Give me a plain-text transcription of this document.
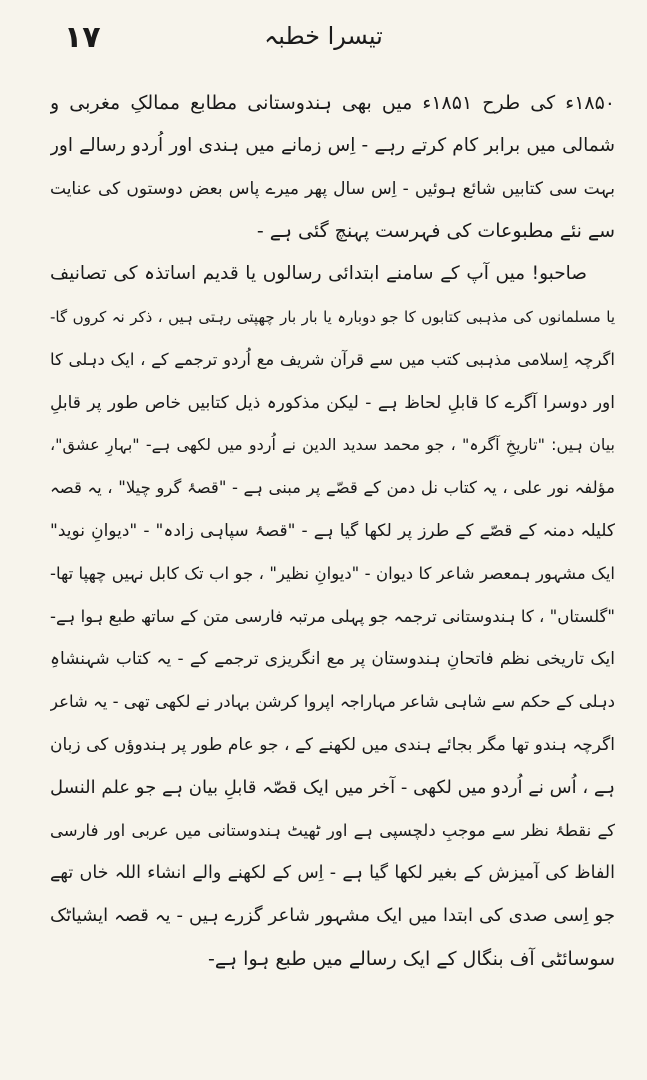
۱۷	تیسرا خطبہ
۱۸۵۰ء کی طرح ۱۸۵۱ء میں بھی ہندوستانی مطابع ممالکِ مغربی و
شمالی میں برابر کام کرتے رہے - اِس زمانے میں ہندی اور اُردو رسالے اور
بہت سی کتابیں شائع ہوئیں - اِس سال پھر میرے پاس بعض دوستوں کی عنایت
سے نئے مطبوعات کی فہرست پہنچ گئی ہے -
صاحبو! میں آپ کے سامنے ابتدائی رسالوں یا قدیم اساتذہ کی تصانیف
یا مسلمانوں کی مذہبی کتابوں کا جو دوبارہ یا بار بار چھپتی رہتی ہیں ، ذکر نہ کروں گا-
اگرچہ اِسلامی مذہبی کتب میں سے قرآن شریف مع اُردو ترجمے کے ، ایک دہلی کا
اور دوسرا آگرے کا قابلِ لحاظ ہے - لیکن مذکورہ ذیل کتابیں خاص طور پر قابلِ
بیان ہیں: "تاریخِ آگرہ" ، جو محمد سدید الدین نے اُردو میں لکھی ہے- "بہارِ عشق"،
مؤلفہ نور علی ، یہ کتاب نل دمن کے قصّے پر مبنی ہے - "قصۂ گرو چیلا" ، یہ قصہ
کلیلہ دمنہ کے قصّے کے طرز پر لکھا گیا ہے - "قصۂ سپاہی زادہ" - "دیوانِ نوید"
ایک مشہور ہمعصر شاعر کا دیوان - "دیوانِ نظیر" ، جو اب تک کابل نہیں چھپا تھا-
"گلستاں" ، کا ہندوستانی ترجمہ جو پہلی مرتبہ فارسی متن کے ساتھ طبع ہوا ہے-
ایک تاریخی نظم فاتحانِ ہندوستان پر مع انگریزی ترجمے کے - یہ کتاب شہنشاہِ
دہلی کے حکم سے شاہی شاعر مہاراجہ اپروا کرشن بہادر نے لکھی تھی - یہ شاعر
اگرچہ ہندو تھا مگر بجائے ہندی میں لکھنے کے ، جو عام طور پر ہندوؤں کی زبان
ہے ، اُس نے اُردو میں لکھی - آخر میں ایک قصّہ قابلِ بیان ہے جو علم النسل
کے نقطۂ نظر سے موجبِ دلچسپی ہے اور ٹھیٹ ہندوستانی میں عربی اور فارسی
الفاظ کی آمیزش کے بغیر لکھا گیا ہے - اِس کے لکھنے والے انشاء اللہ خاں تھے
جو اِسی صدی کی ابتدا میں ایک مشہور شاعر گزرے ہیں - یہ قصہ ایشیاٹک
سوسائٹی آف بنگال کے ایک رسالے میں طبع ہوا ہے-
